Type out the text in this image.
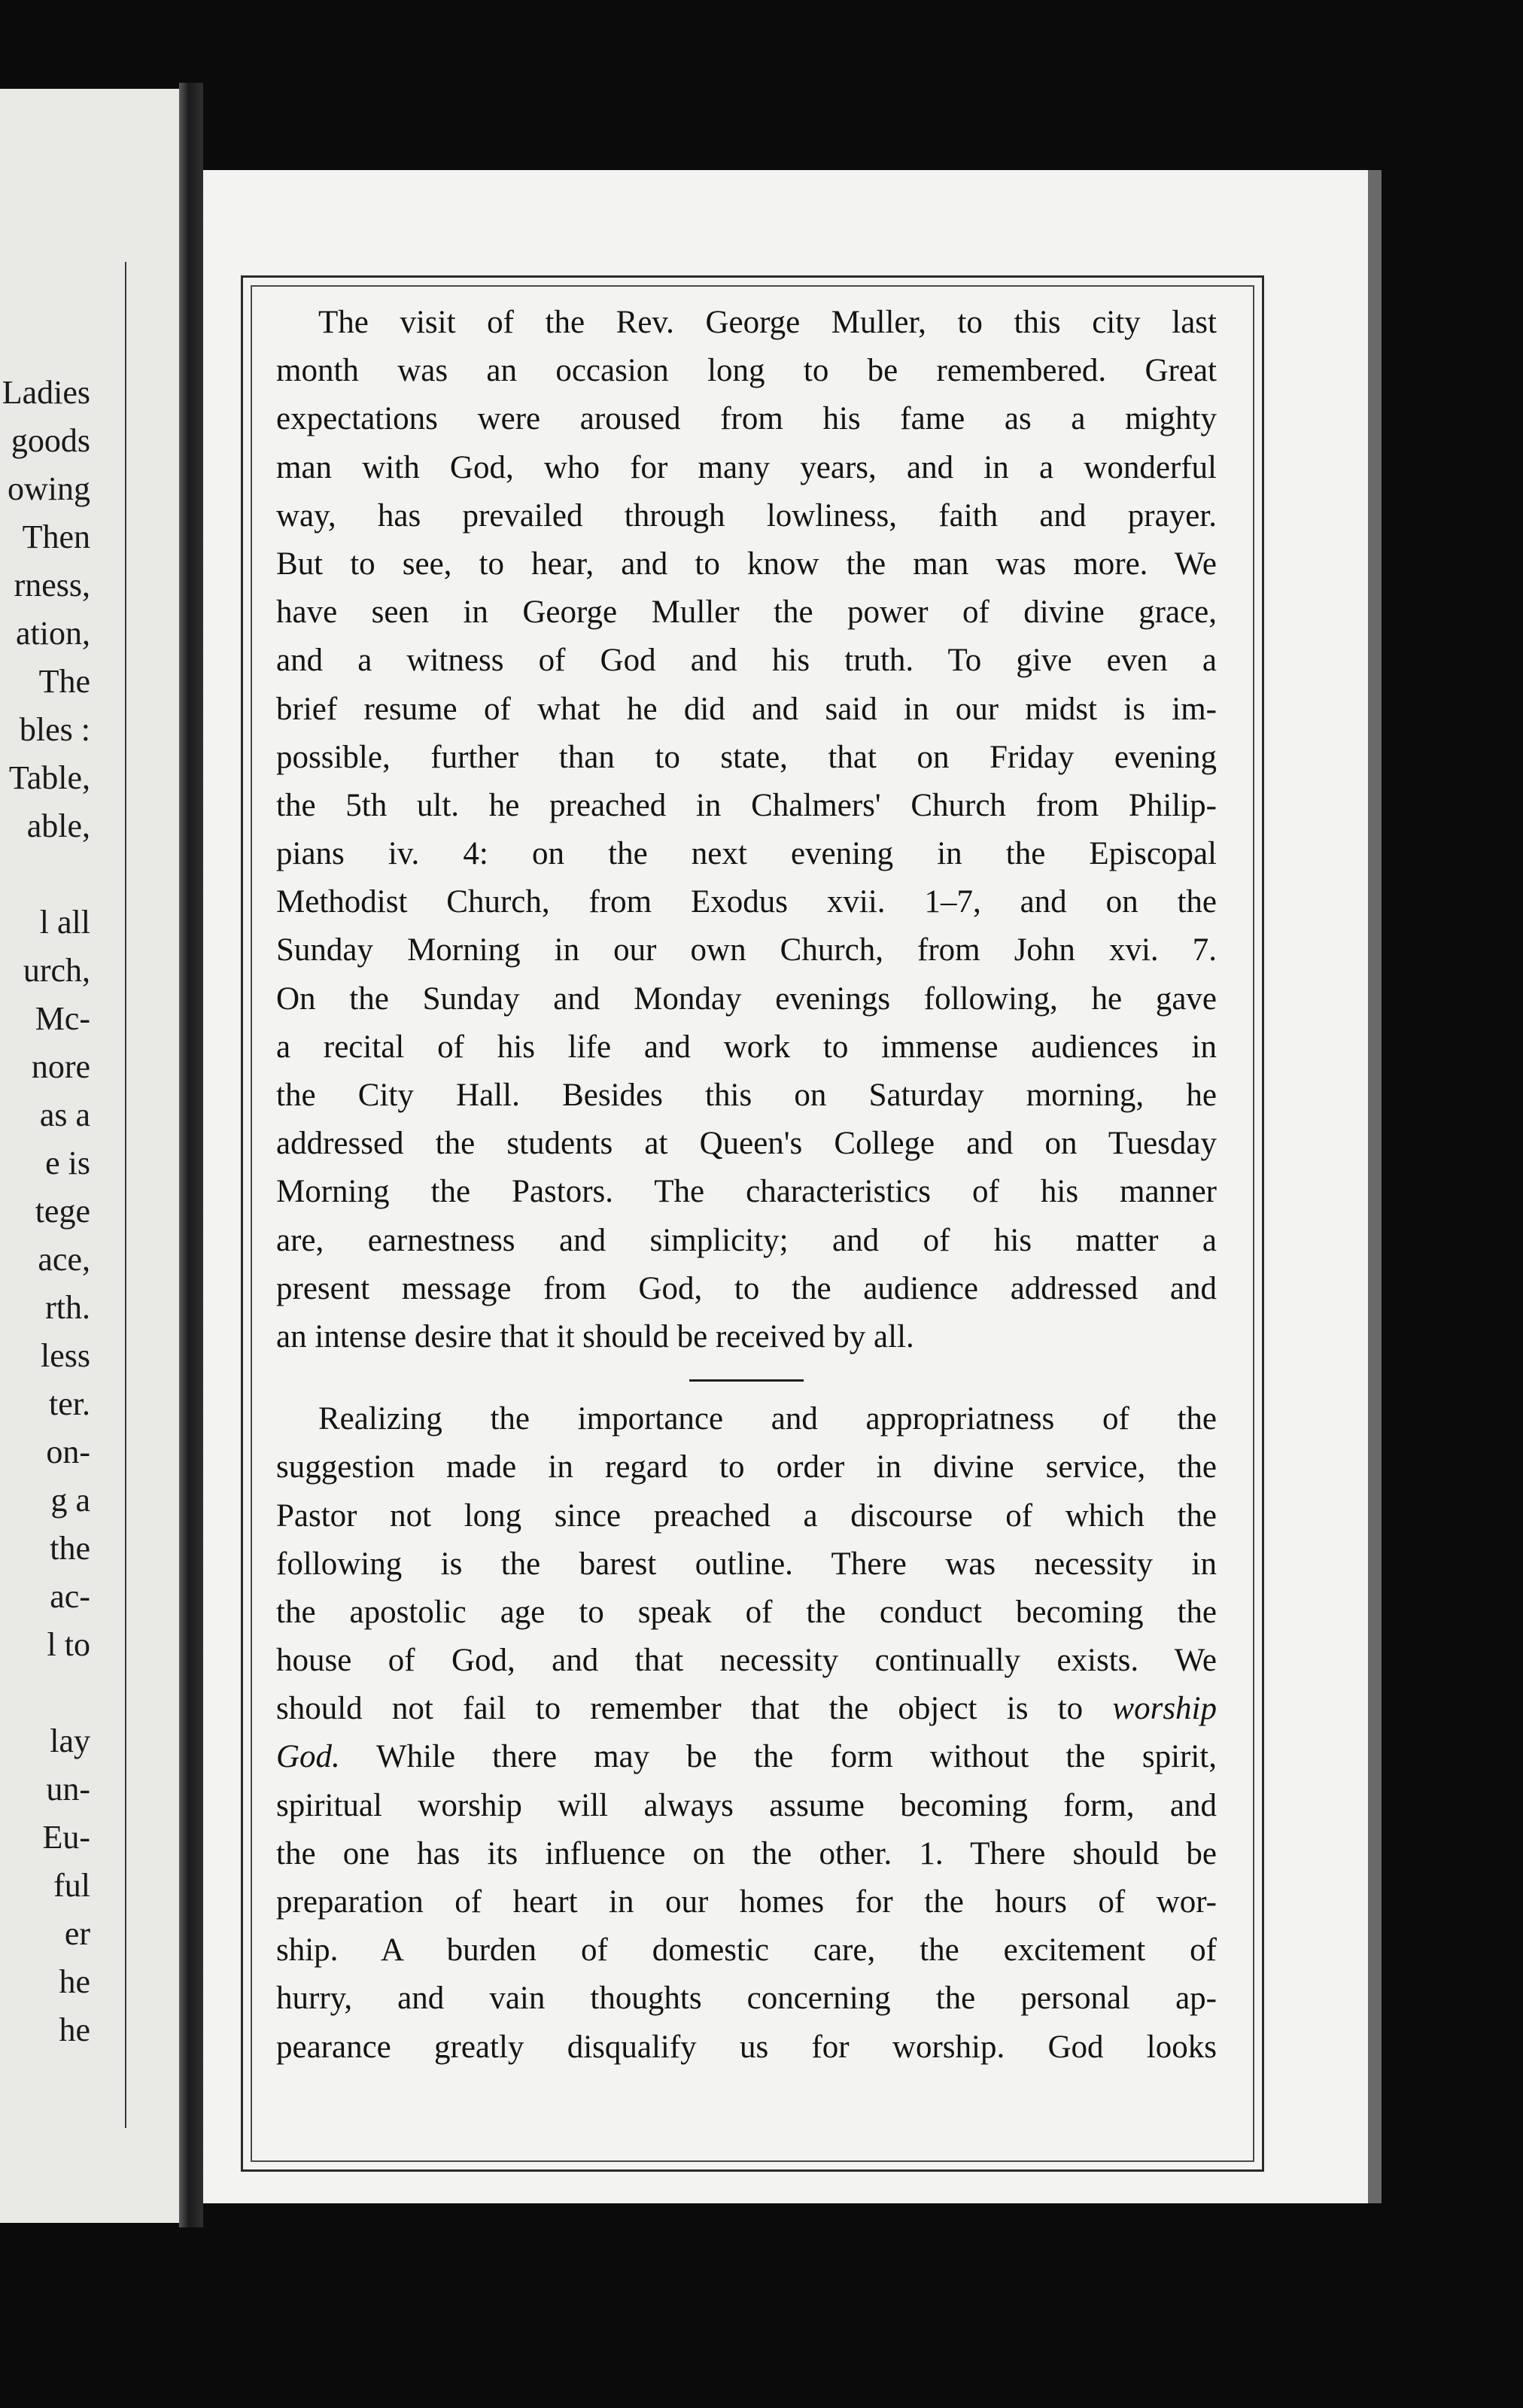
Ladies
goods
owing
Then
rness,
ation,
The
bles :
Table,
able,
l all
urch,
Mc-
nore
as a
e is
tege
ace,
rth.
less
ter.
on-
g a
the
ac-
l to
lay
un-
Eu-
ful
er
he
he
The visit of the Rev. George Muller, to this city last
month was an occasion long to be remembered. Great
expectations were aroused from his fame as a mighty
man with God, who for many years, and in a wonderful
way, has prevailed through lowliness, faith and prayer.
But to see, to hear, and to know the man was more. We
have seen in George Muller the power of divine grace,
and a witness of God and his truth. To give even a
brief resume of what he did and said in our midst is im-
possible, further than to state, that on Friday evening
the 5th ult. he preached in Chalmers' Church from Philip-
pians iv. 4: on the next evening in the Episcopal
Methodist Church, from Exodus xvii. 1–7, and on the
Sunday Morning in our own Church, from John xvi. 7.
On the Sunday and Monday evenings following, he gave
a recital of his life and work to immense audiences in
the City Hall. Besides this on Saturday morning, he
addressed the students at Queen's College and on Tuesday
Morning the Pastors. The characteristics of his manner
are, earnestness and simplicity; and of his matter a
present message from God, to the audience addressed and
an intense desire that it should be received by all.
Realizing the importance and appropriatness of the
suggestion made in regard to order in divine service, the
Pastor not long since preached a discourse of which the
following is the barest outline. There was necessity in
the apostolic age to speak of the conduct becoming the
house of God, and that necessity continually exists. We
should not fail to remember that the object is to worship
God. While there may be the form without the spirit,
spiritual worship will always assume becoming form, and
the one has its influence on the other. 1. There should be
preparation of heart in our homes for the hours of wor-
ship. A burden of domestic care, the excitement of
hurry, and vain thoughts concerning the personal ap-
pearance greatly disqualify us for worship. God looks
